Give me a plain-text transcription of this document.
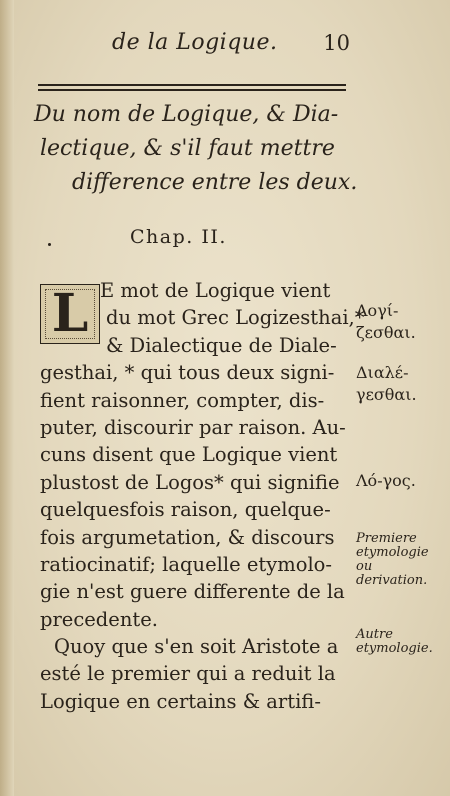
de la Logique. 10
Du nom de Logique, & Dia-
lectique, & s'il faut mettre
difference entre les deux.
Chap. II.
L E mot de Logique vient
du mot Grec Logizesthai,*
& Dialectique de Diale-
gesthai, * qui tous deux signi-
fient raisonner, compter, dis-
puter, discourir par raison. Au-
cuns disent que Logique vient
plustost de Logos* qui signifie
quelquesfois raison, quelque-
fois argumetation, & discours
ratiocinatif; laquelle etymolo-
gie n'est guere differente de la
precedente.
Quoy que s'en soit Aristote a
esté le premier qui a reduit la
Logique en certains & artifi-
Λογί-ζεσθαι.
Διαλέ-γεσθαι.
Λό-γος.
Premiere etymologie ou derivation.
Autre etymologie.
